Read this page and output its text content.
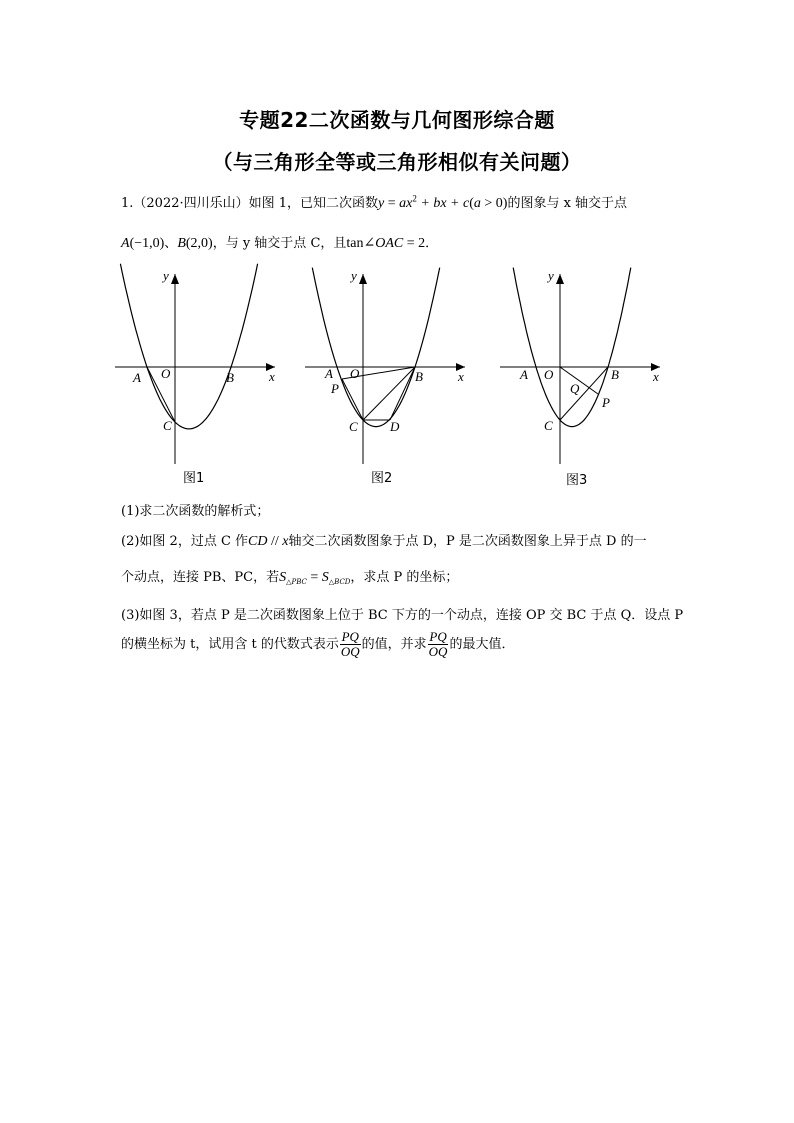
专题22二次函数与几何图形综合题
（与三角形全等或三角形相似有关问题）
1.（2022·四川乐山）如图 1，已知二次函数$y = ax^2$ + bx + c(a > 0)的图象与 x 轴交于点
A(−1,0)、B(2,0)，与 y 轴交于点 C，且tan∠OAC = 2．
y
x
A O	B
C
图1
y
x
A O	B
P
C D
图2
y
x
A O	B
Q
P
C
图3
(1)求二次函数的解析式；
(2)如图 2，过点 C 作CD // x轴交二次函数图象于点 D，P 是二次函数图象上异于点 D 的一
个动点，连接 PB、PC，若$S_{\triangle PBC} = S_{\triangle BCD}$，求点 P 的坐标；
(3)如图 3，若点 P 是二次函数图象上位于 BC 下方的一个动点，连接 OP 交 BC 于点 Q．设点 P
的横坐标为 t，试用含 t 的代数式表示 $\frac{PQ}{OQ}$ 的值，并求 $\frac{PQ}{OQ}$ 的最大值．
